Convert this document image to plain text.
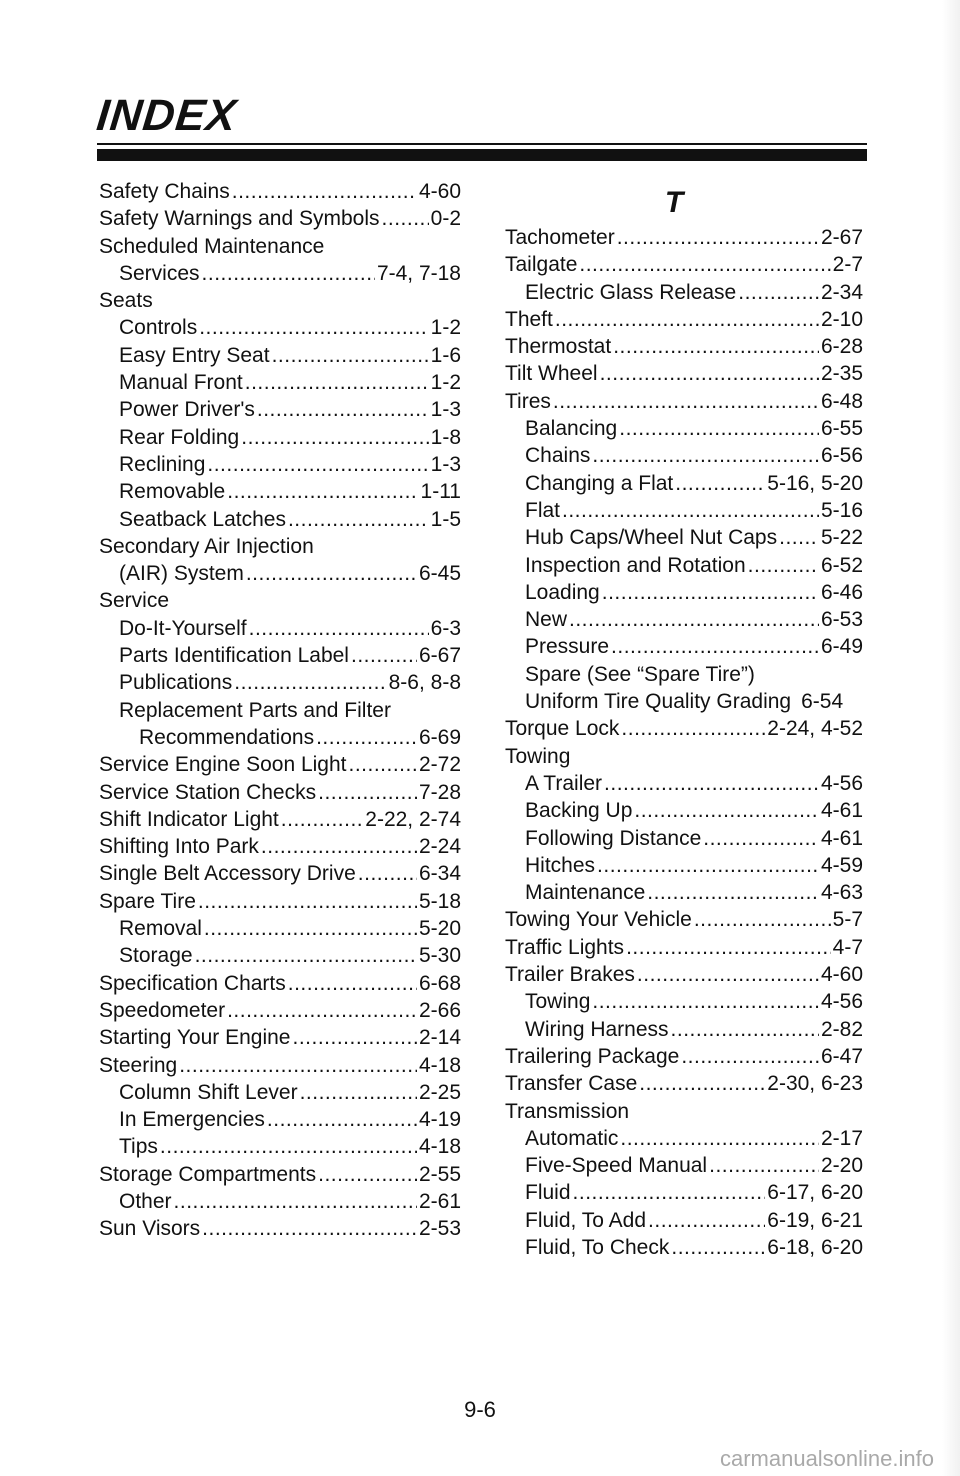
INDEX
Safety Chains .....	4-60
Safety Warnings and Symbols ..... 0-2
Scheduled Maintenance
Services .....	7-4, 7-18
Seats
Controls .....	1-2
Easy Entry Seat .....	1-6
Manual Front .....	1-2
Power Driver's .....	1-3
Rear Folding .....	1-8
Reclining .....	1-3
Removable .....	1-11
Seatback Latches .....	1-5
Secondary Air Injection
(AIR) System .....	6-45
Service
Do-It-Yourself .....	6-3
Parts Identification Label .....	6-67
Publications .....	8-6, 8-8
Replacement Parts and Filter
Recommendations .....	6-69
Service Engine Soon Light .....	2-72
Service Station Checks .....	7-28
Shift Indicator Light .....	2-22, 2-74
Shifting Into Park .....	2-24
Single Belt Accessory Drive .....	6-34
Spare Tire .....	5-18
Removal .....	5-20
Storage .....	5-30
Specification Charts .....	6-68
Speedometer .....	2-66
Starting Your Engine .....	2-14
Steering .....	4-18
Column Shift Lever .....	2-25
In Emergencies .....	4-19
Tips .....	4-18
Storage Compartments .....	2-55
Other .....	2-61
Sun Visors .....	2-53
T
Tachometer .....	2-67
Tailgate .....	2-7
Electric Glass Release .....	2-34
Theft .....	2-10
Thermostat .....	6-28
Tilt Wheel .....	2-35
Tires .....	6-48
Balancing .....	6-55
Chains .....	6-56
Changing a Flat .....	5-16, 5-20
Flat .....	5-16
Hub Caps/Wheel Nut Caps ..... 5-22
Inspection and Rotation .....	6-52
Loading .....	6-46
New .....	6-53
Pressure .....	6-49
Spare (See “Spare Tire”)
Uniform Tire Quality Grading 6-54
Torque Lock .....	2-24, 4-52
Towing
A Trailer .....	4-56
Backing Up .....	4-61
Following Distance .....	4-61
Hitches .....	4-59
Maintenance .....	4-63
Towing Your Vehicle .....	5-7
Traffic Lights .....	4-7
Trailer Brakes .....	4-60
Towing .....	4-56
Wiring Harness .....	2-82
Trailering Package .....	6-47
Transfer Case .....	2-30, 6-23
Transmission
Automatic .....	2-17
Five-Speed Manual .....	2-20
Fluid .....	6-17, 6-20
Fluid, To Add .....	6-19, 6-21
Fluid, To Check .....	6-18, 6-20
9-6
carmanualsonline.info
